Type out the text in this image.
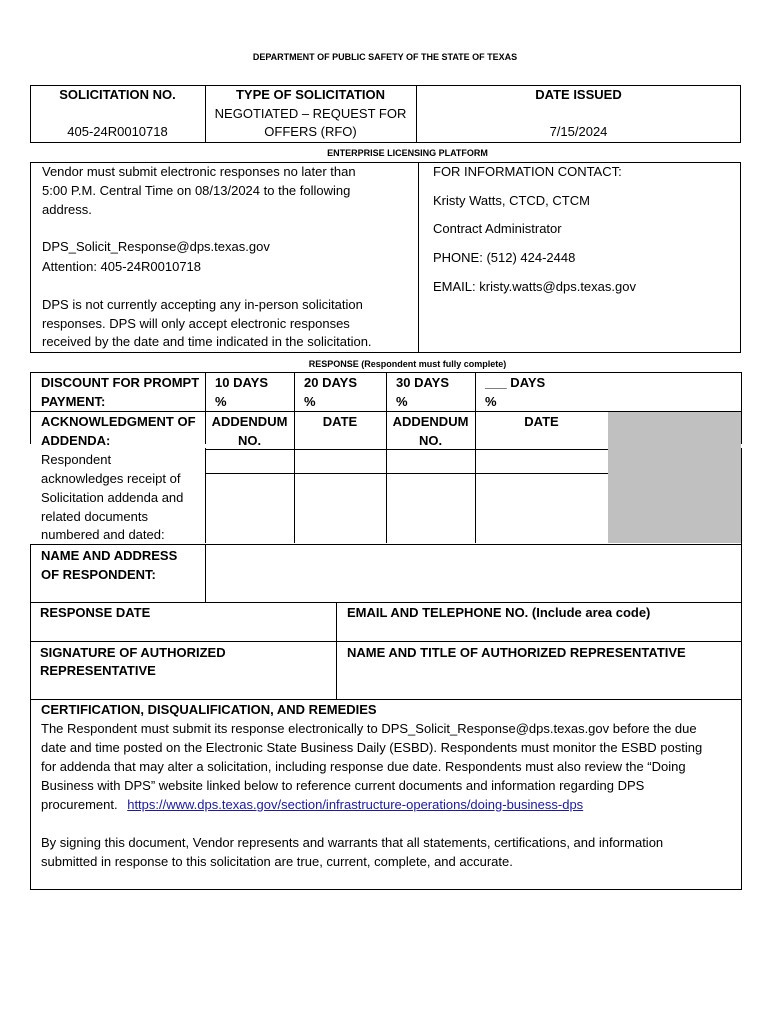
DEPARTMENT OF PUBLIC SAFETY OF THE STATE OF TEXAS
SOLICITATION NO.
405-24R0010718
TYPE OF SOLICITATION
NEGOTIATED – REQUEST FOR
OFFERS (RFO)
DATE ISSUED
7/15/2024
ENTERPRISE LICENSING PLATFORM
Vendor must submit electronic responses no later than
5:00 P.M. Central Time on 08/13/2024 to the following
address.
DPS_Solicit_Response@dps.texas.gov
Attention: 405-24R0010718
DPS is not currently accepting any in-person solicitation
responses. DPS will only accept electronic responses
received by the date and time indicated in the solicitation.
FOR INFORMATION CONTACT:
Kristy Watts, CTCD, CTCM
Contract Administrator
PHONE: (512) 424-2448
EMAIL: kristy.watts@dps.texas.gov
RESPONSE (Respondent must fully complete)
DISCOUNT FOR PROMPT
PAYMENT:
10 DAYS
%
20 DAYS
%
30 DAYS
%
___ DAYS
%
ACKNOWLEDGMENT OF
ADDENDA:
Respondent
acknowledges receipt of
Solicitation addenda and
related documents
numbered and dated:
ADDENDUM
NO.
DATE	ADDENDUM
NO.
DATE
NAME AND ADDRESS
OF RESPONDENT:
RESPONSE DATE	EMAIL AND TELEPHONE NO. (Include area code)
SIGNATURE OF AUTHORIZED
REPRESENTATIVE
NAME AND TITLE OF AUTHORIZED REPRESENTATIVE
CERTIFICATION, DISQUALIFICATION, AND REMEDIES
The Respondent must submit its response electronically to DPS_Solicit_Response@dps.texas.gov before the due
date and time posted on the Electronic State Business Daily (ESBD). Respondents must monitor the ESBD posting
for addenda that may alter a solicitation, including response due date. Respondents must also review the “Doing
Business with DPS” website linked below to reference current documents and information regarding DPS
procurement. https://www.dps.texas.gov/section/infrastructure-operations/doing-business-dps
By signing this document, Vendor represents and warrants that all statements, certifications, and information
submitted in response to this solicitation are true, current, complete, and accurate.
